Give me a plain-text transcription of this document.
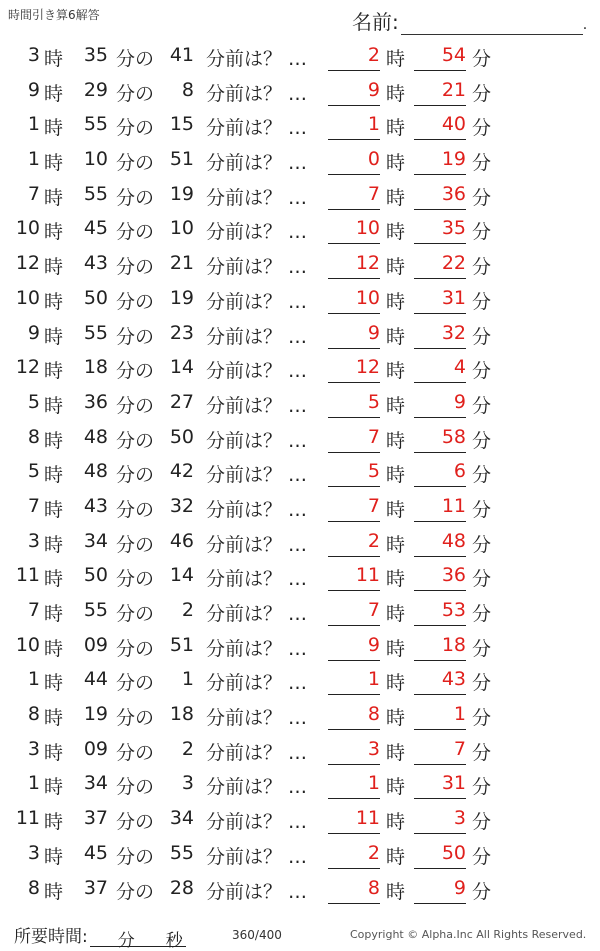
時間引き算6解答	名前:	.
3 時	35 分の 41 分前は？ …	2 時	54 分
9 時	29 分の	8 分前は？ …	9 時	21 分
1 時	55 分の 15 分前は？ …	1 時	40 分
1 時	10 分の 51 分前は？ …	0 時	19 分
7 時	55 分の 19 分前は？ …	7 時	36 分
10 時	45 分の 10 分前は？ …	10 時	35 分
12 時	43 分の 21 分前は？ …	12 時	22 分
10 時	50 分の 19 分前は？ …	10 時	31 分
9 時	55 分の 23 分前は？ …	9 時	32 分
12 時	18 分の 14 分前は？ …	12 時	4 分
5 時	36 分の 27 分前は？ …	5 時	9 分
8 時	48 分の 50 分前は？ …	7 時	58 分
5 時	48 分の 42 分前は？ …	5 時	6 分
7 時	43 分の 32 分前は？ …	7 時	11 分
3 時	34 分の 46 分前は？ …	2 時	48 分
11 時	50 分の 14 分前は？ …	11 時	36 分
7 時	55 分の	2 分前は？ …	7 時	53 分
10 時	09 分の 51 分前は？ …	9 時	18 分
1 時	44 分の	1 分前は？ …	1 時	43 分
8 時	19 分の 18 分前は？ …	8 時	1 分
3 時	09 分の	2 分前は？ …	3 時	7 分
1 時	34 分の	3 分前は？ …	1 時	31 分
11 時	37 分の 34 分前は？ …	11 時	3 分
3 時	45 分の 55 分前は？ …	2 時	50 分
8 時	37 分の 28 分前は？ …	8 時	9 分
所要時間: 分 秒	360/400	Copyright © Alpha.Inc All Rights Reserved.
